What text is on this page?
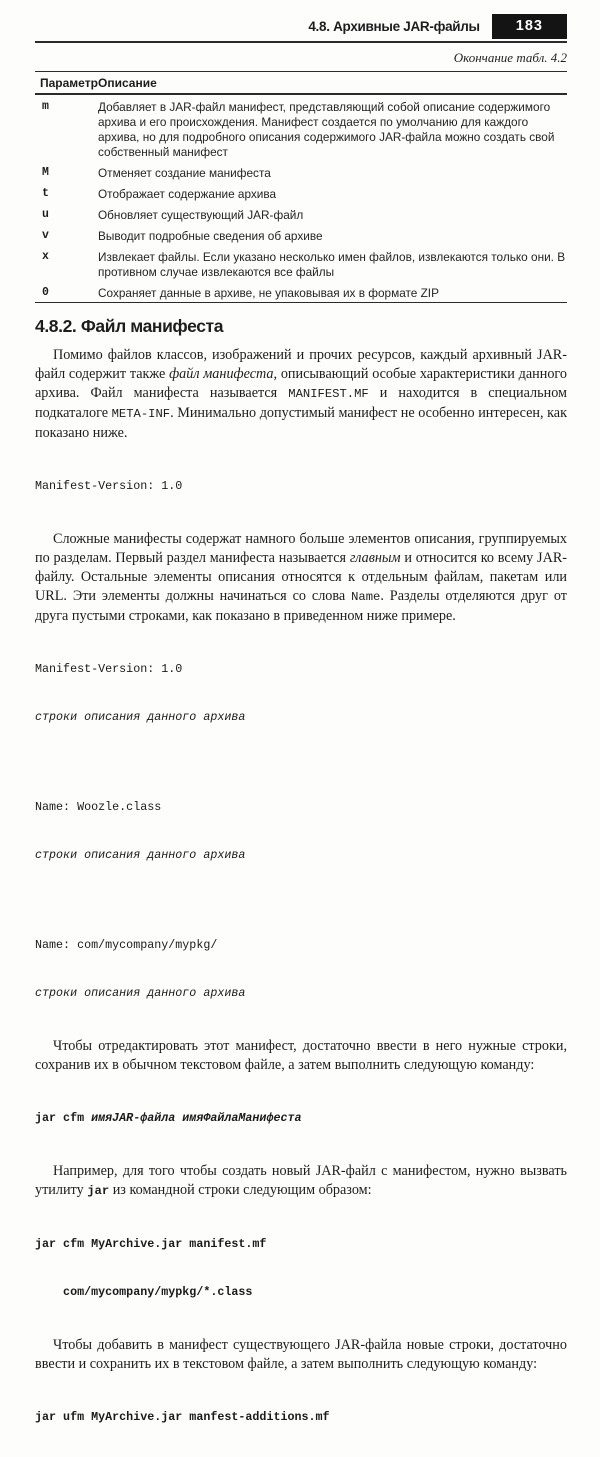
4.8. Архивные JAR-файлы	183
Окончание табл. 4.2
Параметр Описание
m	Добавляет в JAR-файл манифест, представляющий собой описание содержимого архива и его происхождения. Манифест создается по умолчанию для каждого архива, но для подробного описания содержимого JAR-файла можно создать свой собственный манифест
M	Отменяет создание манифеста
t	Отображает содержание архива
u	Обновляет существующий JAR-файл
v	Выводит подробные сведения об архиве
x	Извлекает файлы. Если указано несколько имен файлов, извлекаются только они. В противном случае извлекаются все файлы
0	Сохраняет данные в архиве, не упаковывая их в формате ZIP
4.8.2. Файл манифеста

Помимо файлов классов, изображений и прочих ресурсов, каждый архивный JAR-файл содержит также файл манифеста, описывающий особые характеристики данного архива. Файл манифеста называется MANIFEST.MF и находится в специальном подкаталоге META-INF. Минимально допустимый манифест не особенно интересен, как показано ниже.

Manifest-Version: 1.0

Сложные манифесты содержат намного больше элементов описания, группируемых по разделам. Первый раздел манифеста называется главным и относится ко всему JAR-файлу. Остальные элементы описания относятся к отдельным файлам, пакетам или URL. Эти элементы должны начинаться со слова Name. Разделы отделяются друг от друга пустыми строками, как показано в приведенном ниже примере.

Manifest-Version: 1.0

строки описания данного архива

Name: Woozle.class

строки описания данного архива

Name: com/mycompany/mypkg/

строки описания данного архива

Чтобы отредактировать этот манифест, достаточно ввести в него нужные строки, сохранив их в обычном текстовом файле, а затем выполнить следующую команду:

jar cfm имяJAR-файла имяФайлаМанифеста

Например, для того чтобы создать новый JAR-файл с манифестом, нужно вызвать утилиту jar из командной строки следующим образом:

jar cfm MyArchive.jar manifest.mf

com/mycompany/mypkg/*.class

Чтобы добавить в манифест существующего JAR-файла новые строки, достаточно ввести и сохранить их в текстовом файле, а затем выполнить следующую команду:

jar ufm MyArchive.jar manfest-additions.mf
